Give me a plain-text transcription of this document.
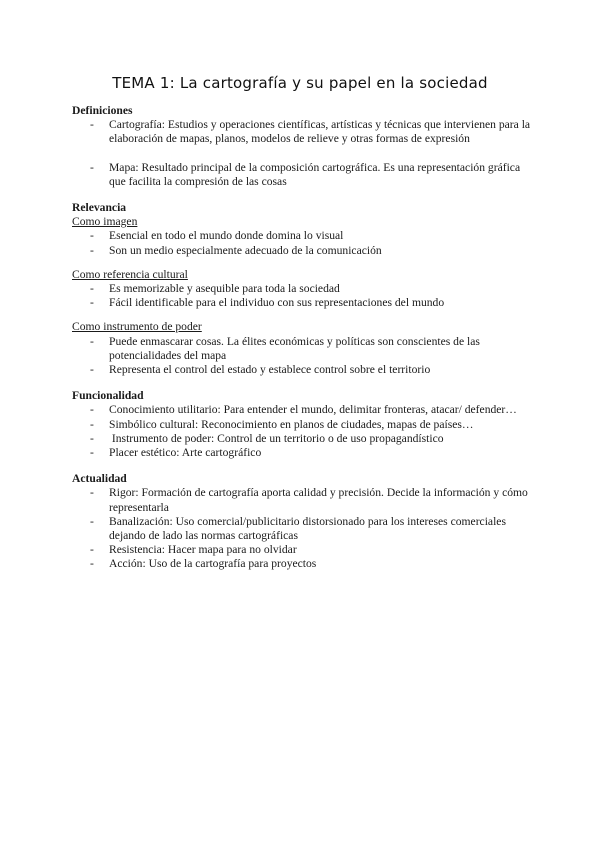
TEMA 1: La cartografía y su papel en la sociedad

Definiciones

- Cartografía: Estudios y operaciones científicas, artísticas y técnicas que intervienen para la elaboración de mapas, planos, modelos de relieve y otras formas de expresión
- Mapa: Resultado principal de la composición cartográfica. Es una representación gráfica que facilita la compresión de las cosas

Relevancia

Como imagen

- Esencial en todo el mundo donde domina lo visual
- Son un medio especialmente adecuado de la comunicación

Como referencia cultural

- Es memorizable y asequible para toda la sociedad
- Fácil identificable para el individuo con sus representaciones del mundo

Como instrumento de poder

- Puede enmascarar cosas. La élites económicas y políticas son conscientes de las potencialidades del mapa
- Representa el control del estado y establece control sobre el territorio

Funcionalidad

- Conocimiento utilitario: Para entender el mundo, delimitar fronteras, atacar/ defender…
- Simbólico cultural: Reconocimiento en planos de ciudades, mapas de países…
- Instrumento de poder: Control de un territorio o de uso propagandístico
- Placer estético: Arte cartográfico

Actualidad

- Rigor: Formación de cartografía aporta calidad y precisión. Decide la información y cómo representarla
- Banalización: Uso comercial/publicitario distorsionado para los intereses comerciales dejando de lado las normas cartográficas
- Resistencia: Hacer mapa para no olvidar
- Acción: Uso de la cartografía para proyectos
